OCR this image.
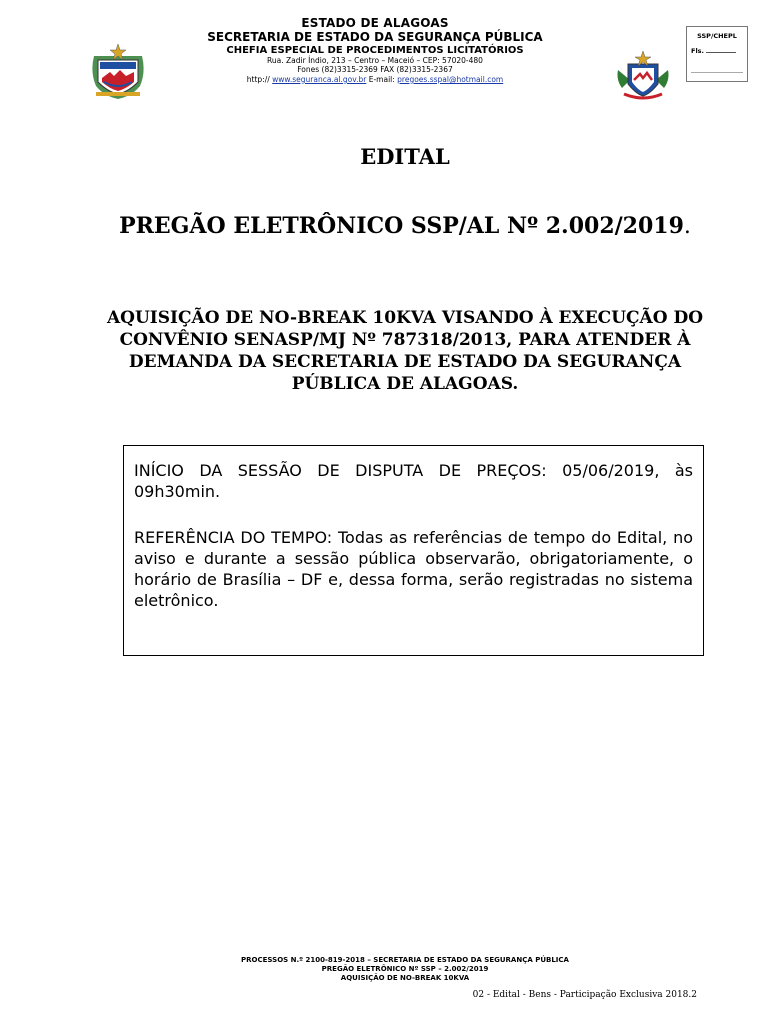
ESTADO DE ALAGOAS
SECRETARIA DE ESTADO DA SEGURANÇA PÚBLICA
CHEFIA ESPECIAL DE PROCEDIMENTOS LICITATÓRIOS
Rua. Zadir Índio, 213 – Centro – Maceió – CEP: 57020-480
Fones (82)3315-2369 FAX (82)3315-2367
http:// www.seguranca.al.gov.br E-mail: pregoes.sspal@hotmail.com
SSP/CHEPL
Fls.
EDITAL
PREGÃO ELETRÔNICO SSP/AL Nº 2.002/2019.
AQUISIÇÃO DE NO-BREAK 10KVA VISANDO À EXECUÇÃO DO CONVÊNIO SENASP/MJ Nº 787318/2013, PARA ATENDER À DEMANDA DA SECRETARIA DE ESTADO DA SEGURANÇA PÚBLICA DE ALAGOAS.

INÍCIO DA SESSÃO DE DISPUTA DE PREÇOS: 05/06/2019, às 09h30min.

REFERÊNCIA DO TEMPO: Todas as referências de tempo do Edital, no aviso e durante a sessão pública observarão, obrigatoriamente, o horário de Brasília – DF e, dessa forma, serão registradas no sistema eletrônico.

PROCESSOS N.º 2100-819-2018 – SECRETARIA DE ESTADO DA SEGURANÇA PÚBLICA
PREGÃO ELETRÔNICO Nº SSP – 2.002/2019
AQUISIÇÃO DE NO-BREAK 10KVA
02 - Edital - Bens - Participação Exclusiva 2018.2
